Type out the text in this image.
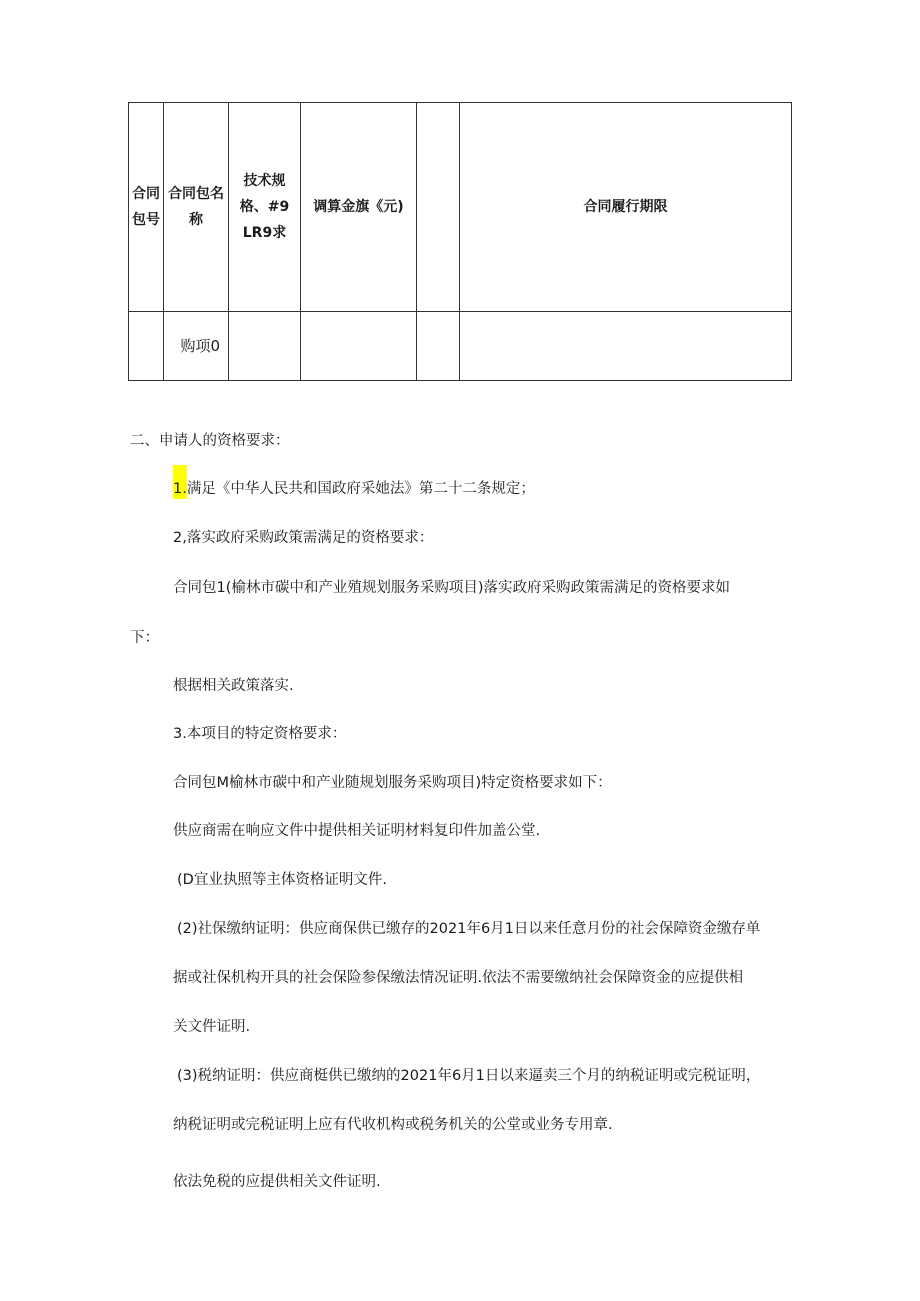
合同包号	合同包名称	技术规格、#9LR9求	调算金旗《元)		合同履行期限
	购项0				
二、申请人的资格要求：
1.满足《中华人民共和国政府采她法》第二十二条规定；
2,落实政府采购政策需满足的资格要求：
合同包1(榆林市碳中和产业殖规划服务采购项目)落实政府采购政策需满足的资格要求如
下：
根据相关政策落实.
3.本项目的特定资格要求：
合同包M榆林市碳中和产业随规划服务采购项目)特定资格要求如下：
供应商需在响应文件中提供相关证明材料复印件加盖公堂.
(D宜业执照等主体资格证明文件.
(2)社保缴纳证明：供应商保供已缴存的2021年6月1日以来任意月份的社会保障资金缴存单
据或社保机构开具的社会保险参保缴法情况证明.依法不需要缴纳社会保障资金的应提供相
关文件证明.
(3)税纳证明：供应商梃供已缴纳的2021年6月1日以来逼卖三个月的纳税证明或完税证明，
纳税证明或完税证明上应有代收机构或税务机关的公堂或业务专用章.
依法免税的应提供相关文件证明.
